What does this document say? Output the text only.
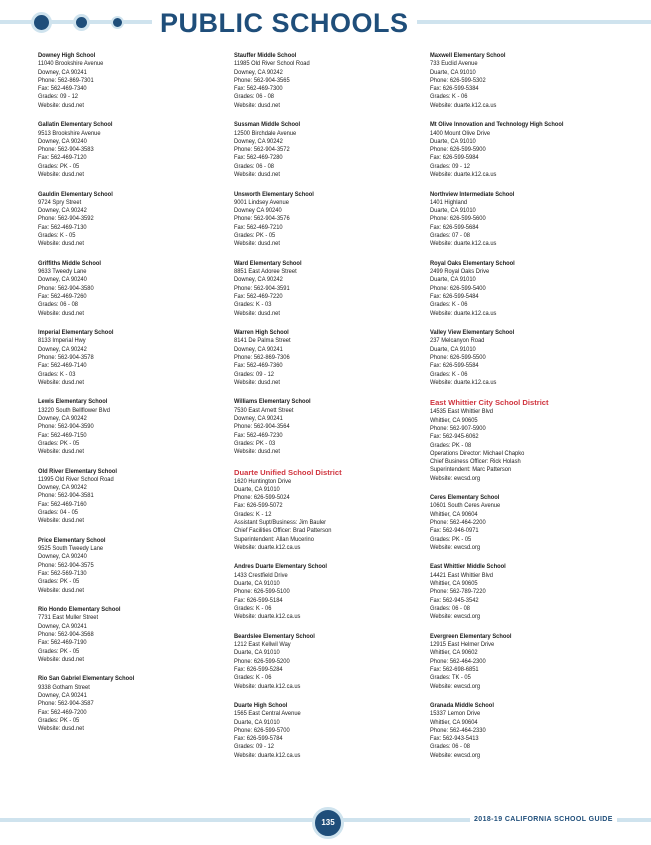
PUBLIC SCHOOLS
Downey High School
11040 Brookshire Avenue
Downey, CA 90241
Phone: 562-869-7301
Fax: 562-469-7340
Grades: 09 - 12
Website: dusd.net
Gallatin Elementary School
9513 Brookshire Avenue
Downey, CA 90240
Phone: 562-904-3583
Fax: 562-469-7120
Grades: PK - 05
Website: dusd.net
Gauldin Elementary School
9724 Spry Street
Downey, CA 90242
Phone: 562-904-3592
Fax: 562-469-7130
Grades: K - 05
Website: dusd.net
Griffiths Middle School
9633 Tweedy Lane
Downey, CA 90240
Phone: 562-904-3580
Fax: 562-469-7260
Grades: 06 - 08
Website: dusd.net
Imperial Elementary School
8133 Imperial Hwy
Downey, CA 90242
Phone: 562-904-3578
Fax: 562-469-7140
Grades: K - 03
Website: dusd.net
Lewis Elementary School
13220 South Bellflower Blvd
Downey, CA 90242
Phone: 562-904-3590
Fax: 562-469-7150
Grades: PK - 05
Website: dusd.net
Old River Elementary School
11995 Old River School Road
Downey, CA 90242
Phone: 562-904-3581
Fax: 562-469-7160
Grades: 04 - 05
Website: dusd.net
Price Elementary School
9525 South Tweedy Lane
Downey, CA 90240
Phone: 562-904-3575
Fax: 562-569-7130
Grades: PK - 05
Website: dusd.net
Rio Hondo Elementary School
7731 East Muller Street
Downey, CA 90241
Phone: 562-904-3568
Fax: 562-469-7190
Grades: PK - 05
Website: dusd.net
Rio San Gabriel Elementary School
9338 Gotham Street
Downey, CA 90241
Phone: 562-904-3587
Fax: 562-469-7200
Grades: PK - 05
Website: dusd.net
Stauffer Middle School
11985 Old River School Road
Downey, CA 90242
Phone: 562-904-3565
Fax: 562-469-7300
Grades: 06 - 08
Website: dusd.net
Sussman Middle School
12500 Birchdale Avenue
Downey, CA 90242
Phone: 562-904-3572
Fax: 562-469-7280
Grades: 06 - 08
Website: dusd.net
Unsworth Elementary School
9001 Lindsey Avenue
Downey CA 90240
Phone: 562-904-3576
Fax: 562-469-7210
Grades: PK - 05
Website: dusd.net
Ward Elementary School
8851 East Adoree Street
Downey, CA 90242
Phone: 562-904-3591
Fax: 562-469-7220
Grades: K - 03
Website: dusd.net
Warren High School
8141 De Palma Street
Downey, CA 90241
Phone: 562-869-7306
Fax: 562-469-7360
Grades: 09 - 12
Website: dusd.net
Williams Elementary School
7530 East Arnett Street
Downey, CA 90241
Phone: 562-904-3564
Fax: 562-469-7230
Grades: PK - 03
Website: dusd.net
Duarte Unified School District
1620 Huntington Drive
Duarte, CA 91010
Phone: 626-599-5024
Fax: 626-599-5072
Grades: K - 12
Assistant Supt/Business: Jim Bauler
Chief Facilities Officer: Brad Patterson
Superintendent: Allan Mucerino
Website: duarte.k12.ca.us
Andres Duarte Elementary School
1433 Crestfield Drive
Duarte, CA 91010
Phone: 626-599-5100
Fax: 626-599-5184
Grades: K - 06
Website: duarte.k12.ca.us
Beardslee Elementary School
1212 East Kellwil Way
Duarte, CA 91010
Phone: 626-599-5200
Fax: 626-599-5284
Grades: K - 06
Website: duarte.k12.ca.us
Duarte High School
1565 East Central Avenue
Duarte, CA 91010
Phone: 626-599-5700
Fax: 626-599-5784
Grades: 09 - 12
Website: duarte.k12.ca.us
Maxwell Elementary School
733 Euclid Avenue
Duarte, CA 91010
Phone: 626-599-5302
Fax: 626-599-5384
Grades: K - 06
Website: duarte.k12.ca.us
Mt Olive Innovation and Technology High School
1400 Mount Olive Drive
Duarte, CA 91010
Phone: 626-599-5900
Fax: 626-599-5984
Grades: 09 - 12
Website: duarte.k12.ca.us
Northview Intermediate School
1401 Highland
Duarte, CA 91010
Phone: 626-599-5600
Fax: 626-599-5684
Grades: 07 - 08
Website: duarte.k12.ca.us
Royal Oaks Elementary School
2499 Royal Oaks Drive
Duarte, CA 91010
Phone: 626-599-5400
Fax: 626-599-5484
Grades: K - 06
Website: duarte.k12.ca.us
Valley View Elementary School
237 Melcanyon Road
Duarte, CA 91010
Phone: 626-599-5500
Fax: 626-599-5584
Grades: K - 06
Website: duarte.k12.ca.us
East Whittier City School District
14535 East Whittier Blvd
Whittier, CA 90605
Phone: 562-907-5900
Fax: 562-945-6062
Grades: PK - 08
Operations Director: Michael Chapko
Chief Business Officer: Rick Holash
Superintendent: Marc Patterson
Website: ewcsd.org
Ceres Elementary School
10601 South Ceres Avenue
Whittier, CA 90604
Phone: 562-464-2200
Fax: 562-946-0971
Grades: PK - 05
Website: ewcsd.org
East Whittier Middle School
14421 East Whittier Blvd
Whittier, CA 90605
Phone: 562-789-7220
Fax: 562-945-3542
Grades: 06 - 08
Website: ewcsd.org
Evergreen Elementary School
12915 East Helmer Drive
Whittier, CA 90602
Phone: 562-464-2300
Fax: 562-698-6851
Grades: TK - 05
Website: ewcsd.org
Granada Middle School
15337 Lemon Drive
Whittier, CA 90604
Phone: 562-464-2330
Fax: 562-943-5413
Grades: 06 - 08
Website: ewcsd.org
135	2018-19 CALIFORNIA SCHOOL GUIDE
